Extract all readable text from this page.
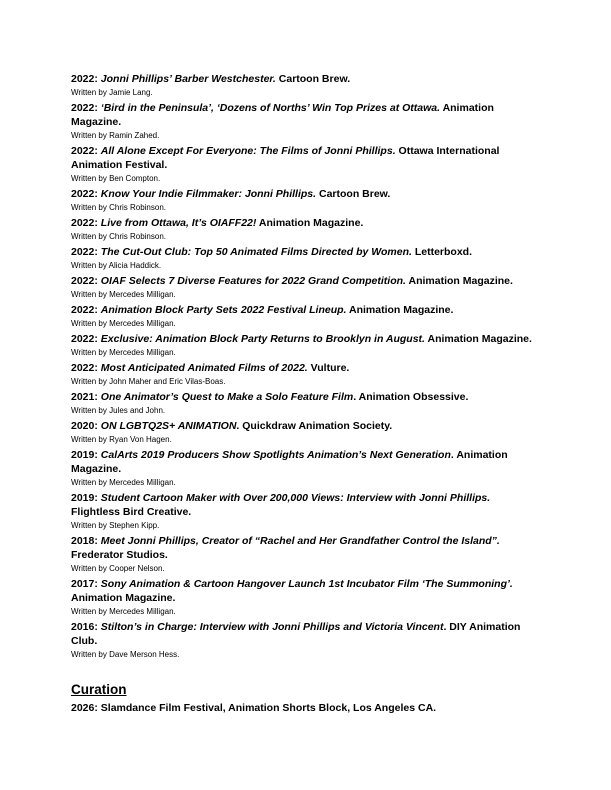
2022: Jonni Phillips’ Barber Westchester. Cartoon Brew.
Written by Jamie Lang.
2022: ‘Bird in the Peninsula’, ‘Dozens of Norths’ Win Top Prizes at Ottawa. Animation Magazine.
Written by Ramin Zahed.
2022: All Alone Except For Everyone: The Films of Jonni Phillips. Ottawa International Animation Festival.
Written by Ben Compton.
2022: Know Your Indie Filmmaker: Jonni Phillips. Cartoon Brew.
Written by Chris Robinson.
2022: Live from Ottawa, It’s OIAFF22! Animation Magazine.
Written by Chris Robinson.
2022: The Cut-Out Club: Top 50 Animated Films Directed by Women. Letterboxd.
Written by Alicia Haddick.
2022: OIAF Selects 7 Diverse Features for 2022 Grand Competition. Animation Magazine.
Written by Mercedes Milligan.
2022: Animation Block Party Sets 2022 Festival Lineup. Animation Magazine.
Written by Mercedes Milligan.
2022: Exclusive: Animation Block Party Returns to Brooklyn in August. Animation Magazine.
Written by Mercedes Milligan.
2022: Most Anticipated Animated Films of 2022. Vulture.
Written by John Maher and Eric Vilas-Boas.
2021: One Animator’s Quest to Make a Solo Feature Film. Animation Obsessive.
Written by Jules and John.
2020: ON LGBTQ2S+ ANIMATION. Quickdraw Animation Society.
Written by Ryan Von Hagen.
2019: CalArts 2019 Producers Show Spotlights Animation’s Next Generation. Animation Magazine.
Written by Mercedes Milligan.
2019: Student Cartoon Maker with Over 200,000 Views: Interview with Jonni Phillips. Flightless Bird Creative.
Written by Stephen Kipp.
2018: Meet Jonni Phillips, Creator of “Rachel and Her Grandfather Control the Island”. Frederator Studios.
Written by Cooper Nelson.
2017: Sony Animation & Cartoon Hangover Launch 1st Incubator Film ‘The Summoning’. Animation Magazine.
Written by Mercedes Milligan.
2016: Stilton’s in Charge: Interview with Jonni Phillips and Victoria Vincent. DIY Animation Club.
Written by Dave Merson Hess.
Curation
2026: Slamdance Film Festival, Animation Shorts Block, Los Angeles CA.
